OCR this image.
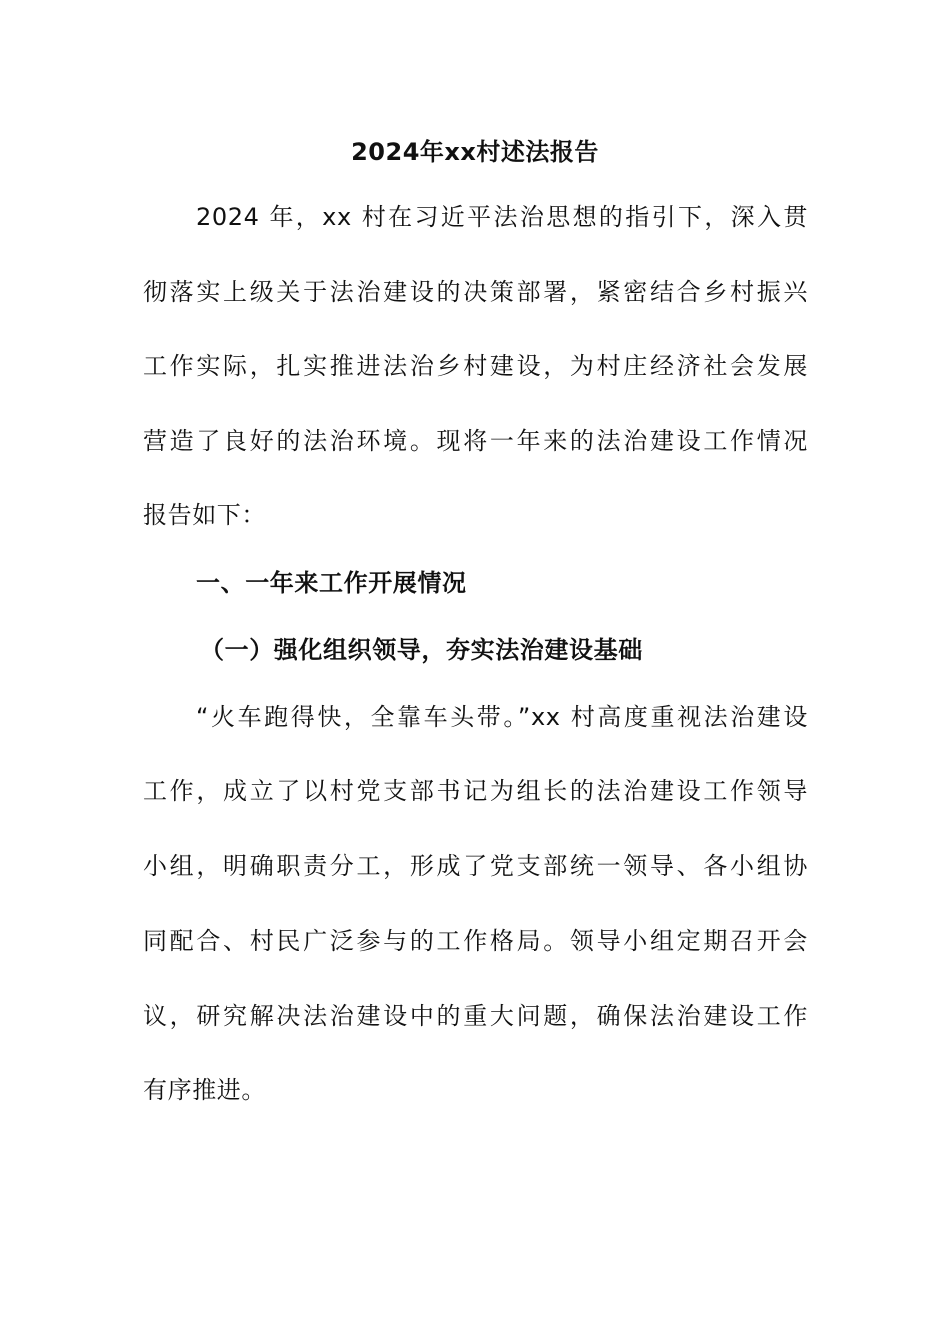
2024年xx村述法报告
2024 年，xx 村在习近平法治思想的指引下，深入贯
彻落实上级关于法治建设的决策部署，紧密结合乡村振兴
工作实际，扎实推进法治乡村建设，为村庄经济社会发展
营造了良好的法治环境。现将一年来的法治建设工作情况
报告如下：
一、一年来工作开展情况
（一）强化组织领导，夯实法治建设基础
“火车跑得快，全靠车头带。”xx 村高度重视法治建设
工作，成立了以村党支部书记为组长的法治建设工作领导
小组，明确职责分工，形成了党支部统一领导、各小组协
同配合、村民广泛参与的工作格局。领导小组定期召开会
议，研究解决法治建设中的重大问题，确保法治建设工作
有序推进。
